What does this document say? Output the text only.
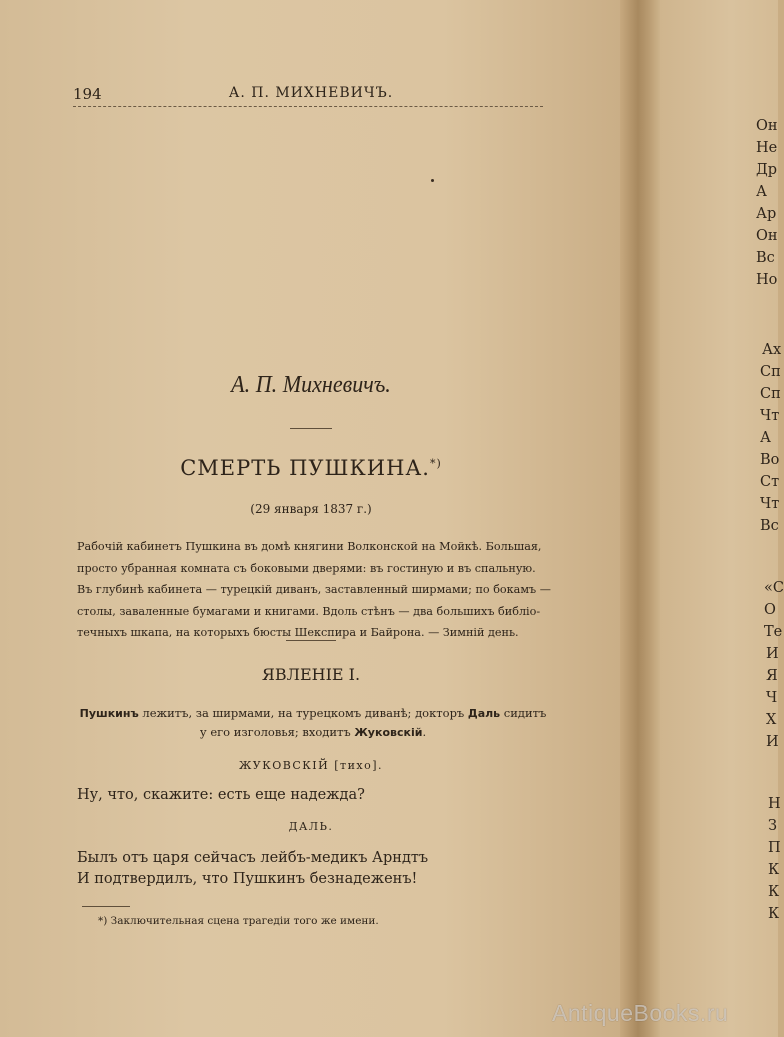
194	А. П. МИХНЕВИЧЪ.
А. П. Михневичъ.
СМЕРТЬ ПУШКИНА.*)
(29 января 1837 г.)
Рабочій кабинетъ Пушкина въ домѣ княгини Волконской на Мойкѣ. Большая,
просто убранная комната съ боковыми дверями: въ гостиную и въ спальную.
Въ глубинѣ кабинета — турецкій диванъ, заставленный ширмами; по бокамъ —
столы, заваленные бумагами и книгами. Вдоль стѣнъ — два большихъ библіо-
течныхъ шкапа, на которыхъ бюсты Шекспира и Байрона. — Зимній день.
ЯВЛЕНІЕ I.
Пушкинъ лежитъ, за ширмами, на турецкомъ диванѣ; докторъ Даль сидитъ
у его изголовья; входитъ Жуковскій.
ЖУКОВСКІЙ [тихо].
Ну, что, скажите: есть еще надежда?
ДАЛЬ.
Былъ отъ царя сейчасъ лейбъ-медикъ Арндтъ
И подтвердилъ, что Пушкинъ безнадеженъ!
*) Заключительная сцена трагедіи того же имени.
Он
Не
Др
А
Ар
Он
Вс
Но
Ах
Сп
Сп
Чт
А
Во
Ст
Чт
Вс
«С
О
Те
И
Я
Ч
Х
И
Н
З
П
К
К
К
AntiqueBooks.ru
